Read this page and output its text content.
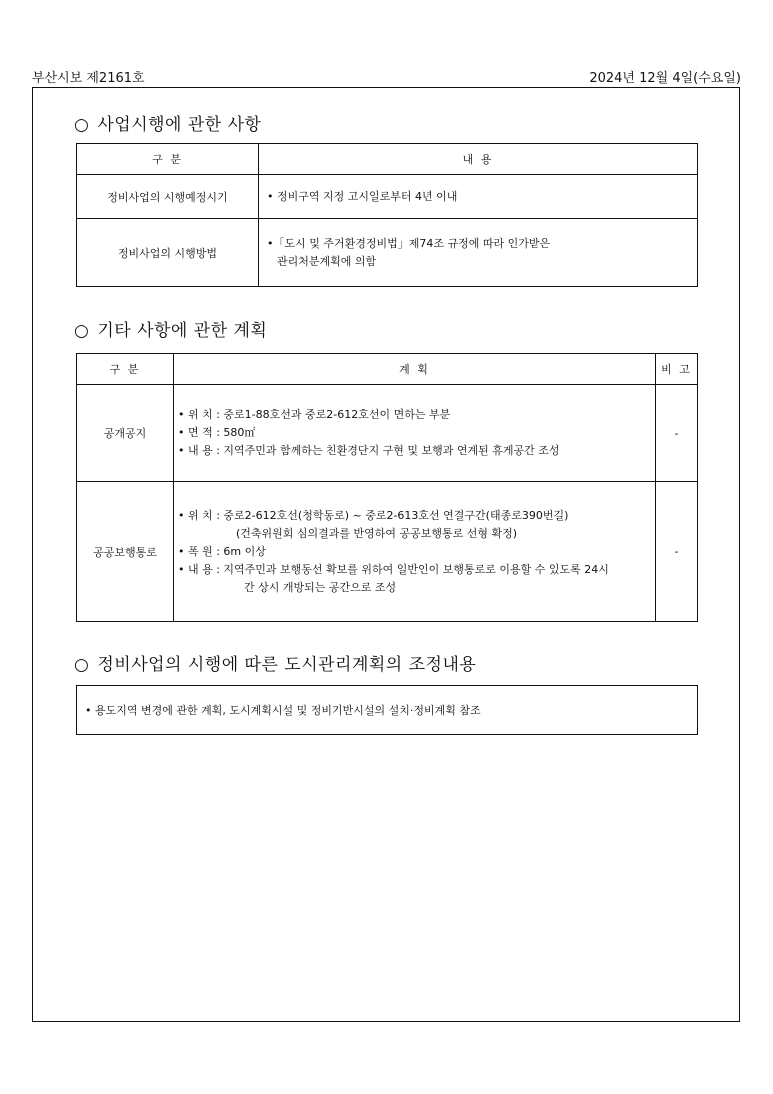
부산시보 제2161호	2024년 12월 4일(수요일)
○ 사업시행에 관한 사항
구 분	내 용
정비사업의 시행예정시기	• 정비구역 지정 고시일로부터 4년 이내

정비사업의 시행방법	•「도시 및 주거환경정비법」제74조 규정에 따라 인가받은
관리처분계획에 의함
○ 기타 사항에 관한 계획
구 분	계 획	비 고
공개공지	• 위 치 : 중로1-88호선과 중로2-612호선이 면하는 부분
• 면 적 : 580㎡
• 내 용 : 지역주민과 함께하는 친환경단지 구현 및 보행과 연계된 휴게공간 조성	-
공공보행통로	• 위 치 : 중로2-612호선(청학동로) ~ 중로2-613호선 연결구간(태종로390번길)
(건축위원회 심의결과를 반영하여 공공보행통로 선형 확정)
• 폭 원 : 6m 이상
• 내 용 : 지역주민과 보행동선 확보를 위하여 일반인이 보행통로로 이용할 수 있도록 24시
간 상시 개방되는 공간으로 조성	-
○ 정비사업의 시행에 따른 도시관리계획의 조정내용
• 용도지역 변경에 관한 계획, 도시계획시설 및 정비기반시설의 설치·정비계획 참조
